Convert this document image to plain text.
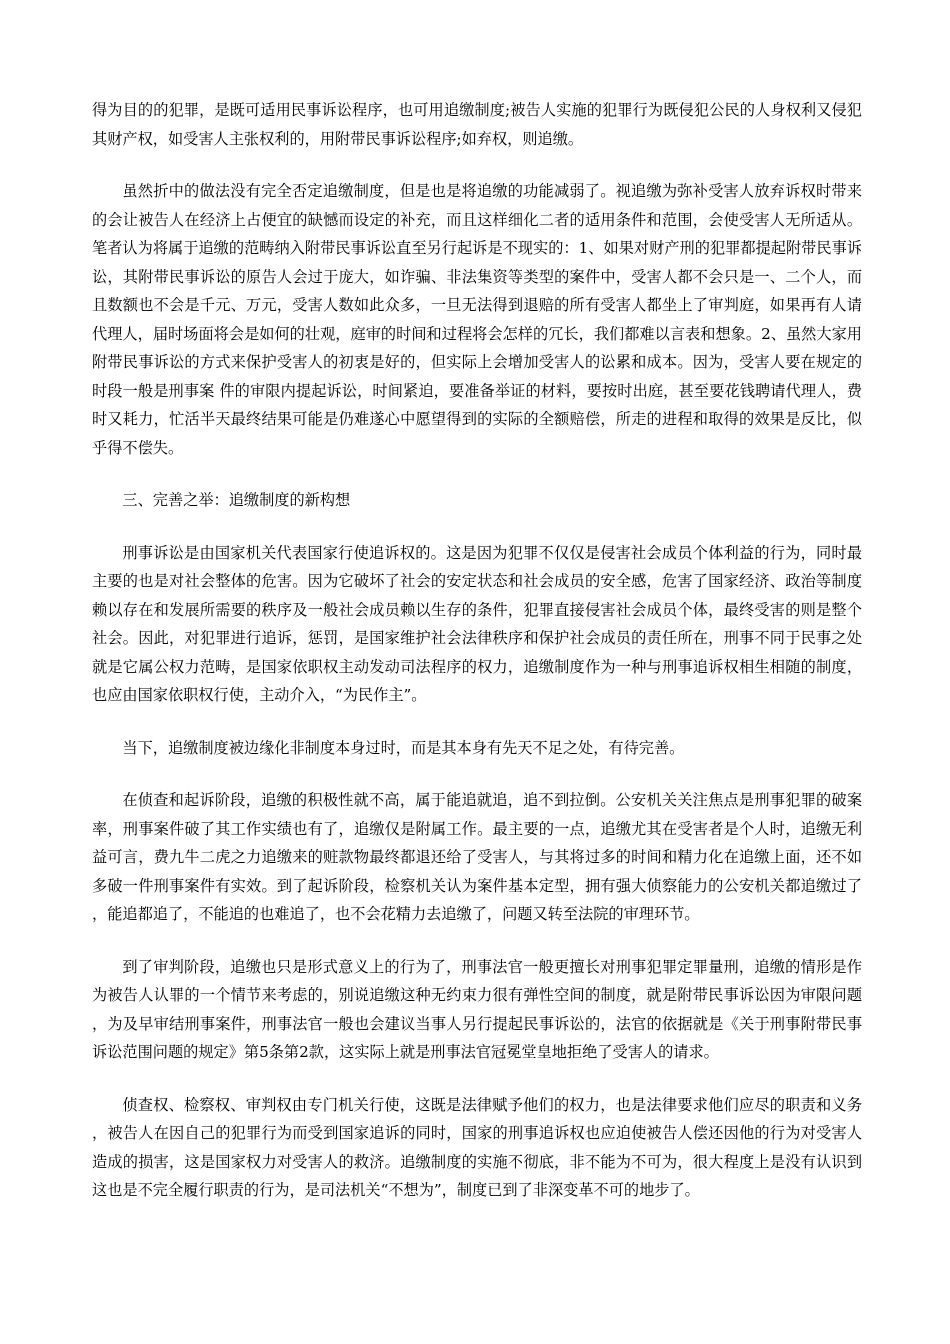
得为目的的犯罪，是既可适用民事诉讼程序，也可用追缴制度;被告人实施的犯罪行为既侵犯公民的人身权利又侵犯其财产权，如受害人主张权利的，用附带民事诉讼程序;如弃权，则追缴。

虽然折中的做法没有完全否定追缴制度，但是也是将追缴的功能减弱了。视追缴为弥补受害人放弃诉权时带来的会让被告人在经济上占便宜的缺憾而设定的补充，而且这样细化二者的适用条件和范围，会使受害人无所适从。笔者认为将属于追缴的范畴纳入附带民事诉讼直至另行起诉是不现实的：1、如果对财产刑的犯罪都提起附带民事诉讼，其附带民事诉讼的原告人会过于庞大，如诈骗、非法集资等类型的案件中，受害人都不会只是一、二个人，而且数额也不会是千元、万元，受害人数如此众多，一旦无法得到退赔的所有受害人都坐上了审判庭，如果再有人请代理人，届时场面将会是如何的壮观，庭审的时间和过程将会怎样的冗长，我们都难以言表和想象。2、虽然大家用附带民事诉讼的方式来保护受害人的初衷是好的，但实际上会增加受害人的讼累和成本。因为，受害人要在规定的时段一般是刑事案 件的审限内提起诉讼，时间紧迫，要准备举证的材料，要按时出庭，甚至要花钱聘请代理人，费时又耗力，忙活半天最终结果可能是仍难遂心中愿望得到的实际的全额赔偿，所走的进程和取得的效果是反比，似乎得不偿失。

三、完善之举：追缴制度的新构想

刑事诉讼是由国家机关代表国家行使追诉权的。这是因为犯罪不仅仅是侵害社会成员个体利益的行为，同时最主要的也是对社会整体的危害。因为它破坏了社会的安定状态和社会成员的安全感，危害了国家经济、政治等制度赖以存在和发展所需要的秩序及一般社会成员赖以生存的条件，犯罪直接侵害社会成员个体，最终受害的则是整个社会。因此，对犯罪进行追诉，惩罚，是国家维护社会法律秩序和保护社会成员的责任所在，刑事不同于民事之处就是它属公权力范畴，是国家依职权主动发动司法程序的权力，追缴制度作为一种与刑事追诉权相生相随的制度，也应由国家依职权行使，主动介入，“为民作主”。

当下，追缴制度被边缘化非制度本身过时，而是其本身有先天不足之处，有待完善。

在侦查和起诉阶段，追缴的积极性就不高，属于能追就追，追不到拉倒。公安机关关注焦点是刑事犯罪的破案率，刑事案件破了其工作实绩也有了，追缴仅是附属工作。最主要的一点，追缴尤其在受害者是个人时，追缴无利益可言，费九牛二虎之力追缴来的赃款物最终都退还给了受害人，与其将过多的时间和精力化在追缴上面，还不如多破一件刑事案件有实效。到了起诉阶段，检察机关认为案件基本定型，拥有强大侦察能力的公安机关都追缴过了，能追都追了，不能追的也难追了，也不会花精力去追缴了，问题又转至法院的审理环节。

到了审判阶段，追缴也只是形式意义上的行为了，刑事法官一般更擅长对刑事犯罪定罪量刑，追缴的情形是作为被告人认罪的一个情节来考虑的，别说追缴这种无约束力很有弹性空间的制度，就是附带民事诉讼因为审限问题，为及早审结刑事案件，刑事法官一般也会建议当事人另行提起民事诉讼的，法官的依据就是《关于刑事附带民事诉讼范围问题的规定》第5条第2款，这实际上就是刑事法官冠冕堂皇地拒绝了受害人的请求。

侦查权、检察权、审判权由专门机关行使，这既是法律赋予他们的权力，也是法律要求他们应尽的职责和义务，被告人在因自己的犯罪行为而受到国家追诉的同时，国家的刑事追诉权也应迫使被告人偿还因他的行为对受害人造成的损害，这是国家权力对受害人的救济。追缴制度的实施不彻底，非不能为不可为，很大程度上是没有认识到这也是不完全履行职责的行为，是司法机关“不想为”，制度已到了非深变革不可的地步了。
